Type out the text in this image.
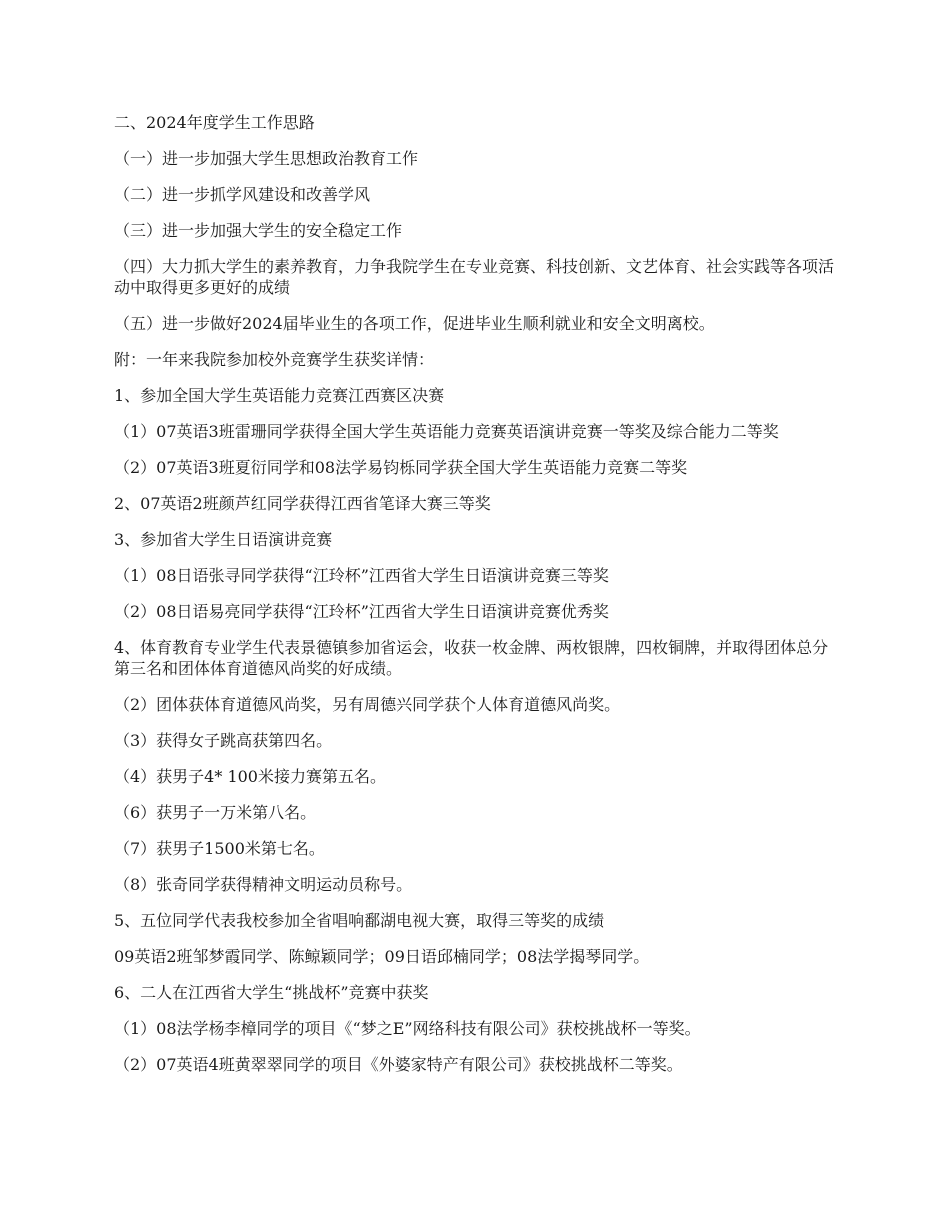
二、2024年度学生工作思路

（一）进一步加强大学生思想政治教育工作

（二）进一步抓学风建设和改善学风

（三）进一步加强大学生的安全稳定工作

（四）大力抓大学生的素养教育，力争我院学生在专业竞赛、科技创新、文艺体育、社会实践等各项活动中取得更多更好的成绩

（五）进一步做好2024届毕业生的各项工作，促进毕业生顺利就业和安全文明离校。

附：一年来我院参加校外竞赛学生获奖详情：

1、参加全国大学生英语能力竞赛江西赛区决赛

（1）07英语3班雷珊同学获得全国大学生英语能力竞赛英语演讲竞赛一等奖及综合能力二等奖

（2）07英语3班夏衍同学和08法学易钧栎同学获全国大学生英语能力竞赛二等奖

2、07英语2班颜芦红同学获得江西省笔译大赛三等奖

3、参加省大学生日语演讲竞赛

（1）08日语张寻同学获得“江玲杯”江西省大学生日语演讲竞赛三等奖

（2）08日语易亮同学获得“江玲杯”江西省大学生日语演讲竞赛优秀奖

4、体育教育专业学生代表景德镇参加省运会，收获一枚金牌、两枚银牌，四枚铜牌，并取得团体总分第三名和团体体育道德风尚奖的好成绩。

（2）团体获体育道德风尚奖，另有周德兴同学获个人体育道德风尚奖。

（3）获得女子跳高获第四名。

（4）获男子4* 100米接力赛第五名。

（6）获男子一万米第八名。

（7）获男子1500米第七名。

（8）张奇同学获得精神文明运动员称号。

5、五位同学代表我校参加全省唱响鄱湖电视大赛，取得三等奖的成绩

09英语2班邹梦霞同学、陈鲸颖同学；09日语邱楠同学；08法学揭琴同学。

6、二人在江西省大学生“挑战杯”竞赛中获奖

（1）08法学杨李樟同学的项目《“梦之E”网络科技有限公司》获校挑战杯一等奖。

（2）07英语4班黄翠翠同学的项目《外婆家特产有限公司》获校挑战杯二等奖。
